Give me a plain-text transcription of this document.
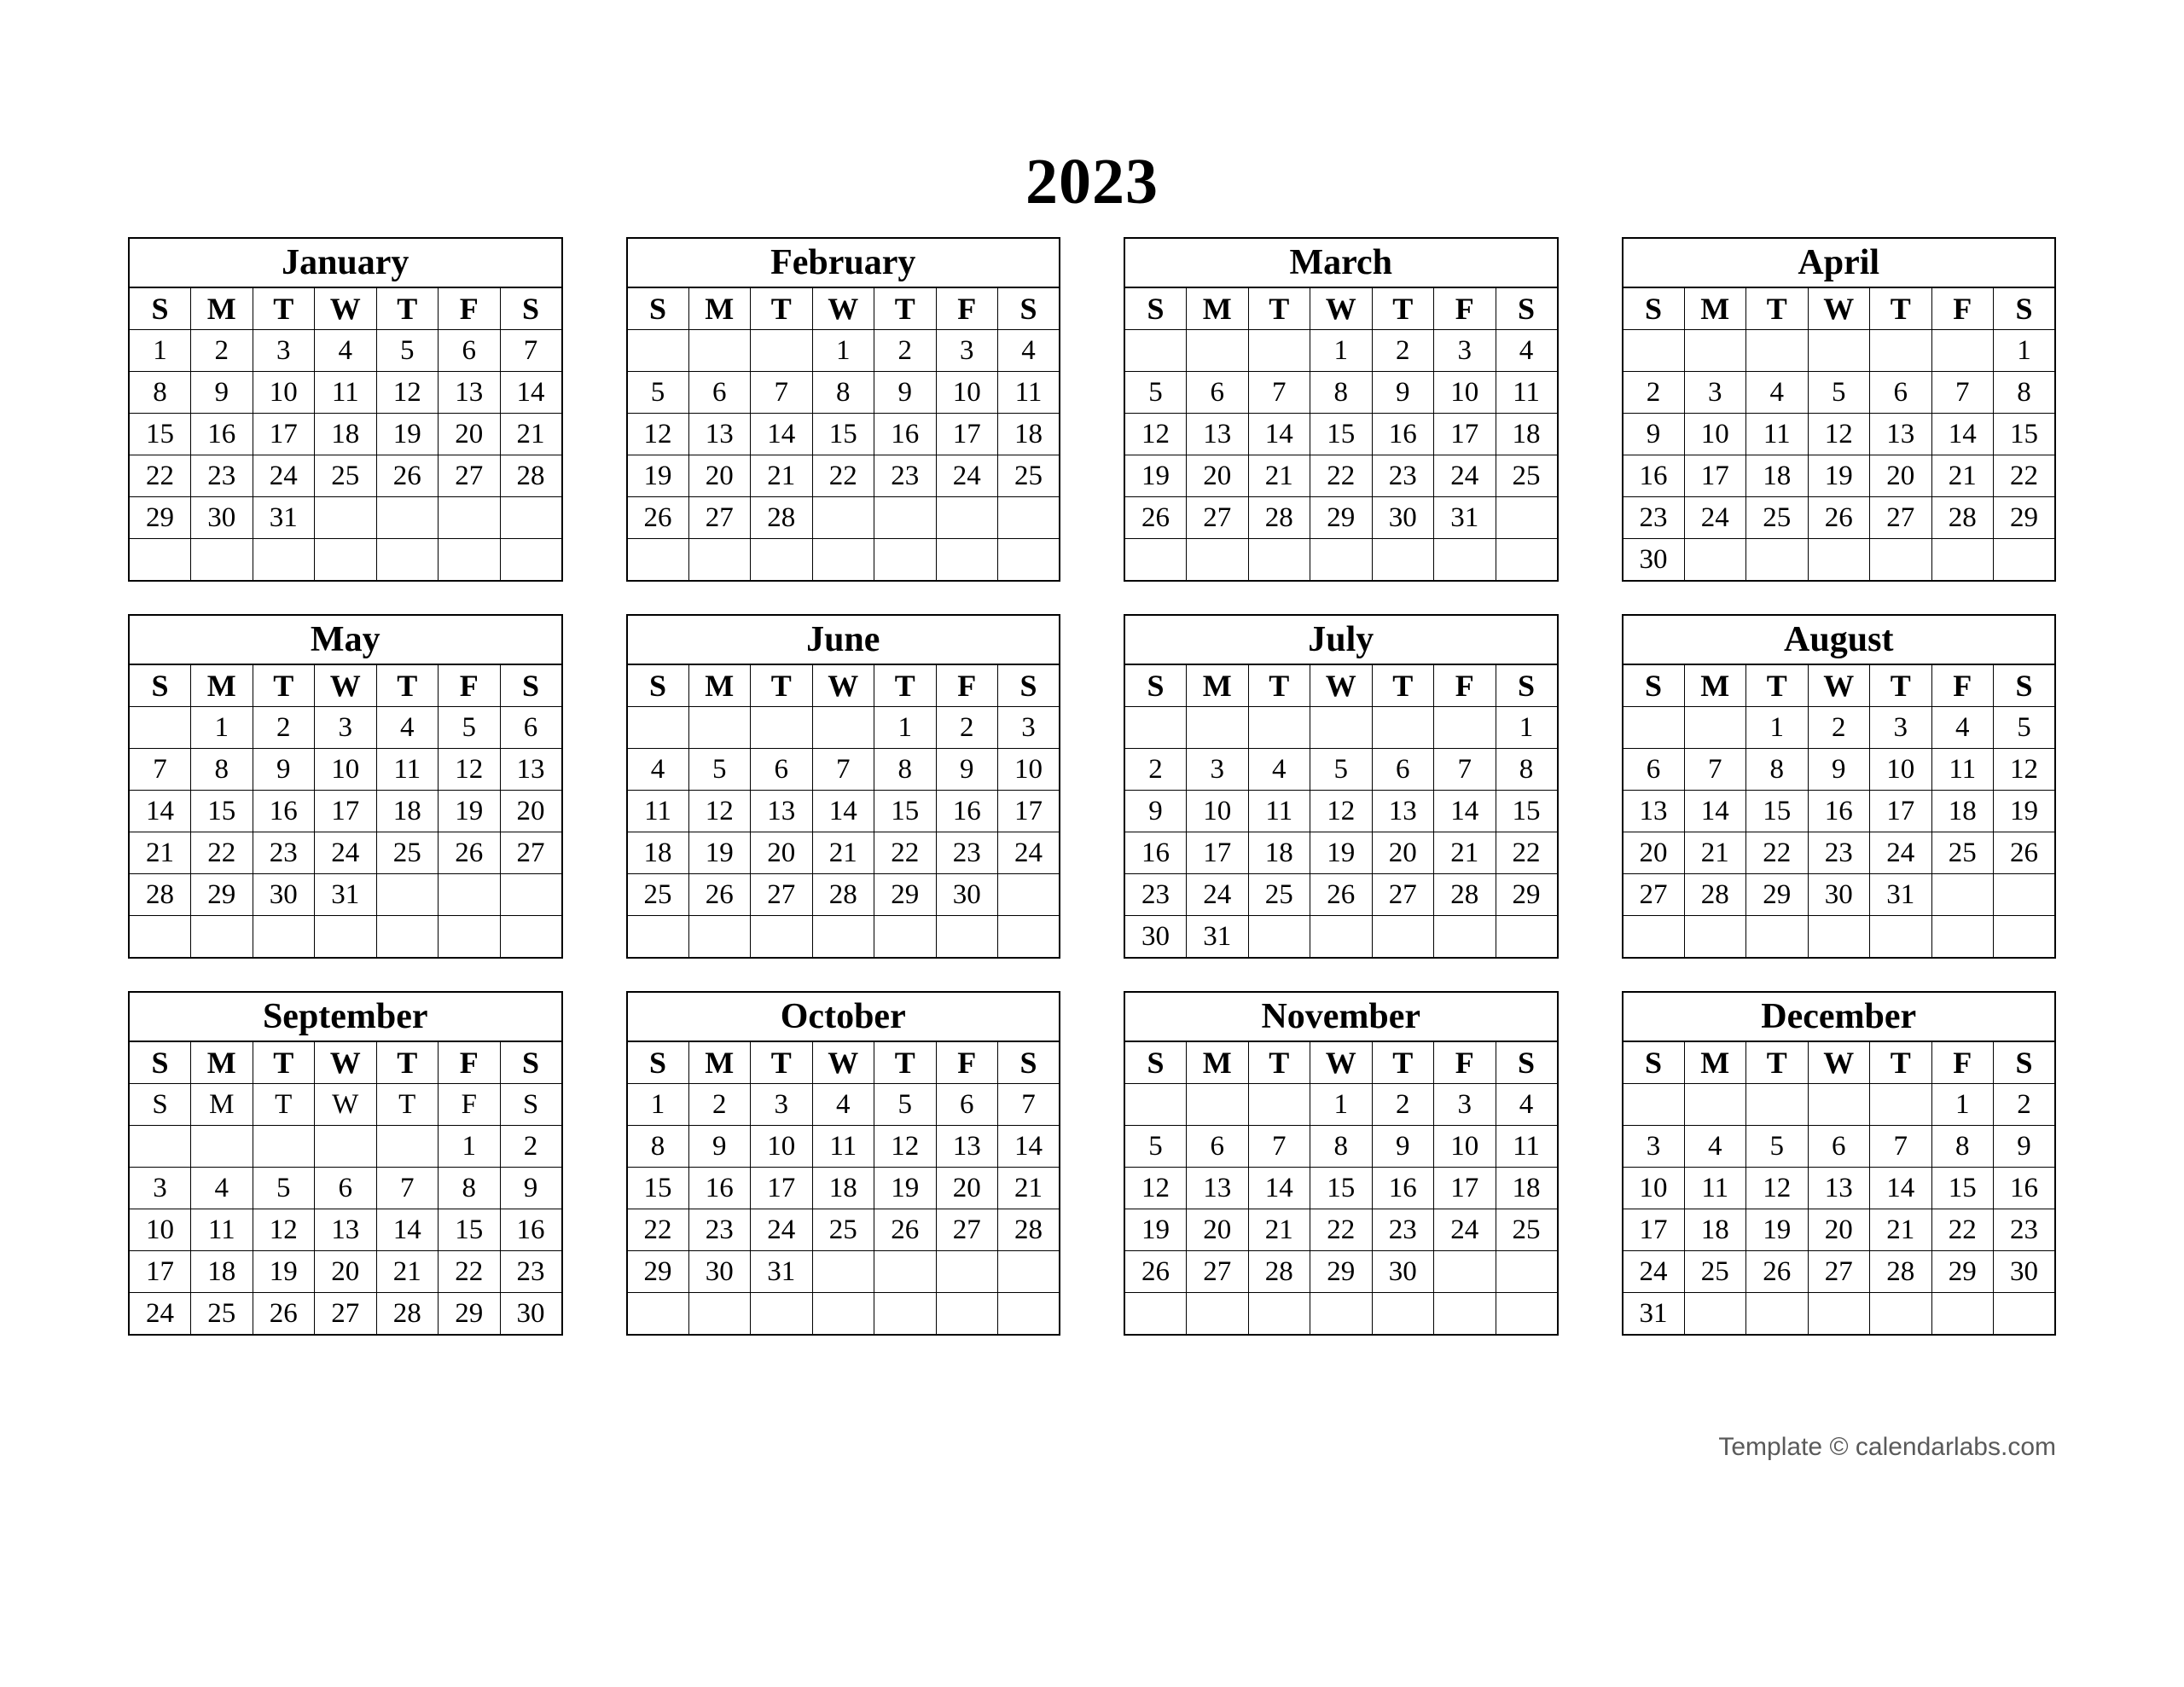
2023
January						
S	M	T	W	T	F	S
1	2	3	4	5	6	7
8	9	10	11	12	13	14
15	16	17	18	19	20	21
22	23	24	25	26	27	28
29	30	31				

February						
S	M	T	W	T	F	S
			1	2	3	4
5	6	7	8	9	10	11
12	13	14	15	16	17	18
19	20	21	22	23	24	25
26	27	28				

March						
S	M	T	W	T	F	S
			1	2	3	4
5	6	7	8	9	10	11
12	13	14	15	16	17	18
19	20	21	22	23	24	25
26	27	28	29	30	31	

April						
S	M	T	W	T	F	S
						1
2	3	4	5	6	7	8
9	10	11	12	13	14	15
16	17	18	19	20	21	22
23	24	25	26	27	28	29
30						
May						
S	M	T	W	T	F	S
	1	2	3	4	5	6
7	8	9	10	11	12	13
14	15	16	17	18	19	20
21	22	23	24	25	26	27
28	29	30	31			

June						
S	M	T	W	T	F	S
				1	2	3
4	5	6	7	8	9	10
11	12	13	14	15	16	17
18	19	20	21	22	23	24
25	26	27	28	29	30	

July						
S	M	T	W	T	F	S
						1
2	3	4	5	6	7	8
9	10	11	12	13	14	15
16	17	18	19	20	21	22
23	24	25	26	27	28	29
30	31					
August						
S	M	T	W	T	F	S
		1	2	3	4	5
6	7	8	9	10	11	12
13	14	15	16	17	18	19
20	21	22	23	24	25	26
27	28	29	30	31		

September						
S	M	T	W	T	F	S
S	M	T	W	T	F	S
					1	2
3	4	5	6	7	8	9
10	11	12	13	14	15	16
17	18	19	20	21	22	23
24	25	26	27	28	29	30
October						
S	M	T	W	T	F	S
1	2	3	4	5	6	7
8	9	10	11	12	13	14
15	16	17	18	19	20	21
22	23	24	25	26	27	28
29	30	31				

November						
S	M	T	W	T	F	S
			1	2	3	4
5	6	7	8	9	10	11
12	13	14	15	16	17	18
19	20	21	22	23	24	25
26	27	28	29	30		

December						
S	M	T	W	T	F	S
					1	2
3	4	5	6	7	8	9
10	11	12	13	14	15	16
17	18	19	20	21	22	23
24	25	26	27	28	29	30
31						
Template © calendarlabs.com
